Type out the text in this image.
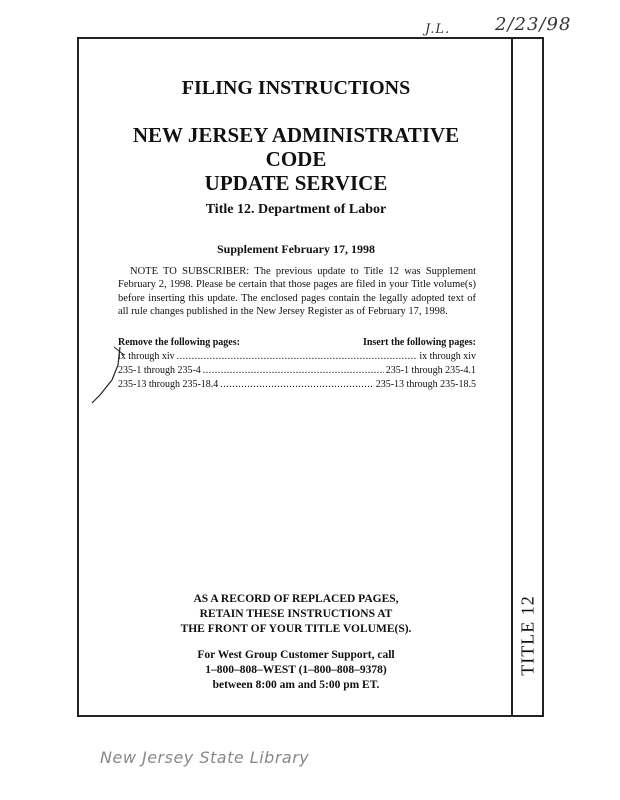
J.L. 2/23/98
TITLE 12
FILING INSTRUCTIONS
NEW JERSEY ADMINISTRATIVE CODE
UPDATE SERVICE
Title 12. Department of Labor
Supplement February 17, 1998
NOTE TO SUBSCRIBER: The previous update to Title 12 was Supplement February 2, 1998. Please be certain that those pages are filed in your Title volume(s) before inserting this update. The enclosed pages contain the legally adopted text of all rule changes published in the New Jersey Register as of February 17, 1998.
Remove the following pages:	Insert the following pages:
ix through xiv .....	ix through xiv
235-1 through 235-4 .....	235-1 through 235-4.1
235-13 through 235-18.4 .....	235-13 through 235-18.5
AS A RECORD OF REPLACED PAGES,
RETAIN THESE INSTRUCTIONS AT
THE FRONT OF YOUR TITLE VOLUME(S).
For West Group Customer Support, call
1–800–808–WEST (1–800–808–9378)
between 8:00 am and 5:00 pm ET.
New Jersey State Library
